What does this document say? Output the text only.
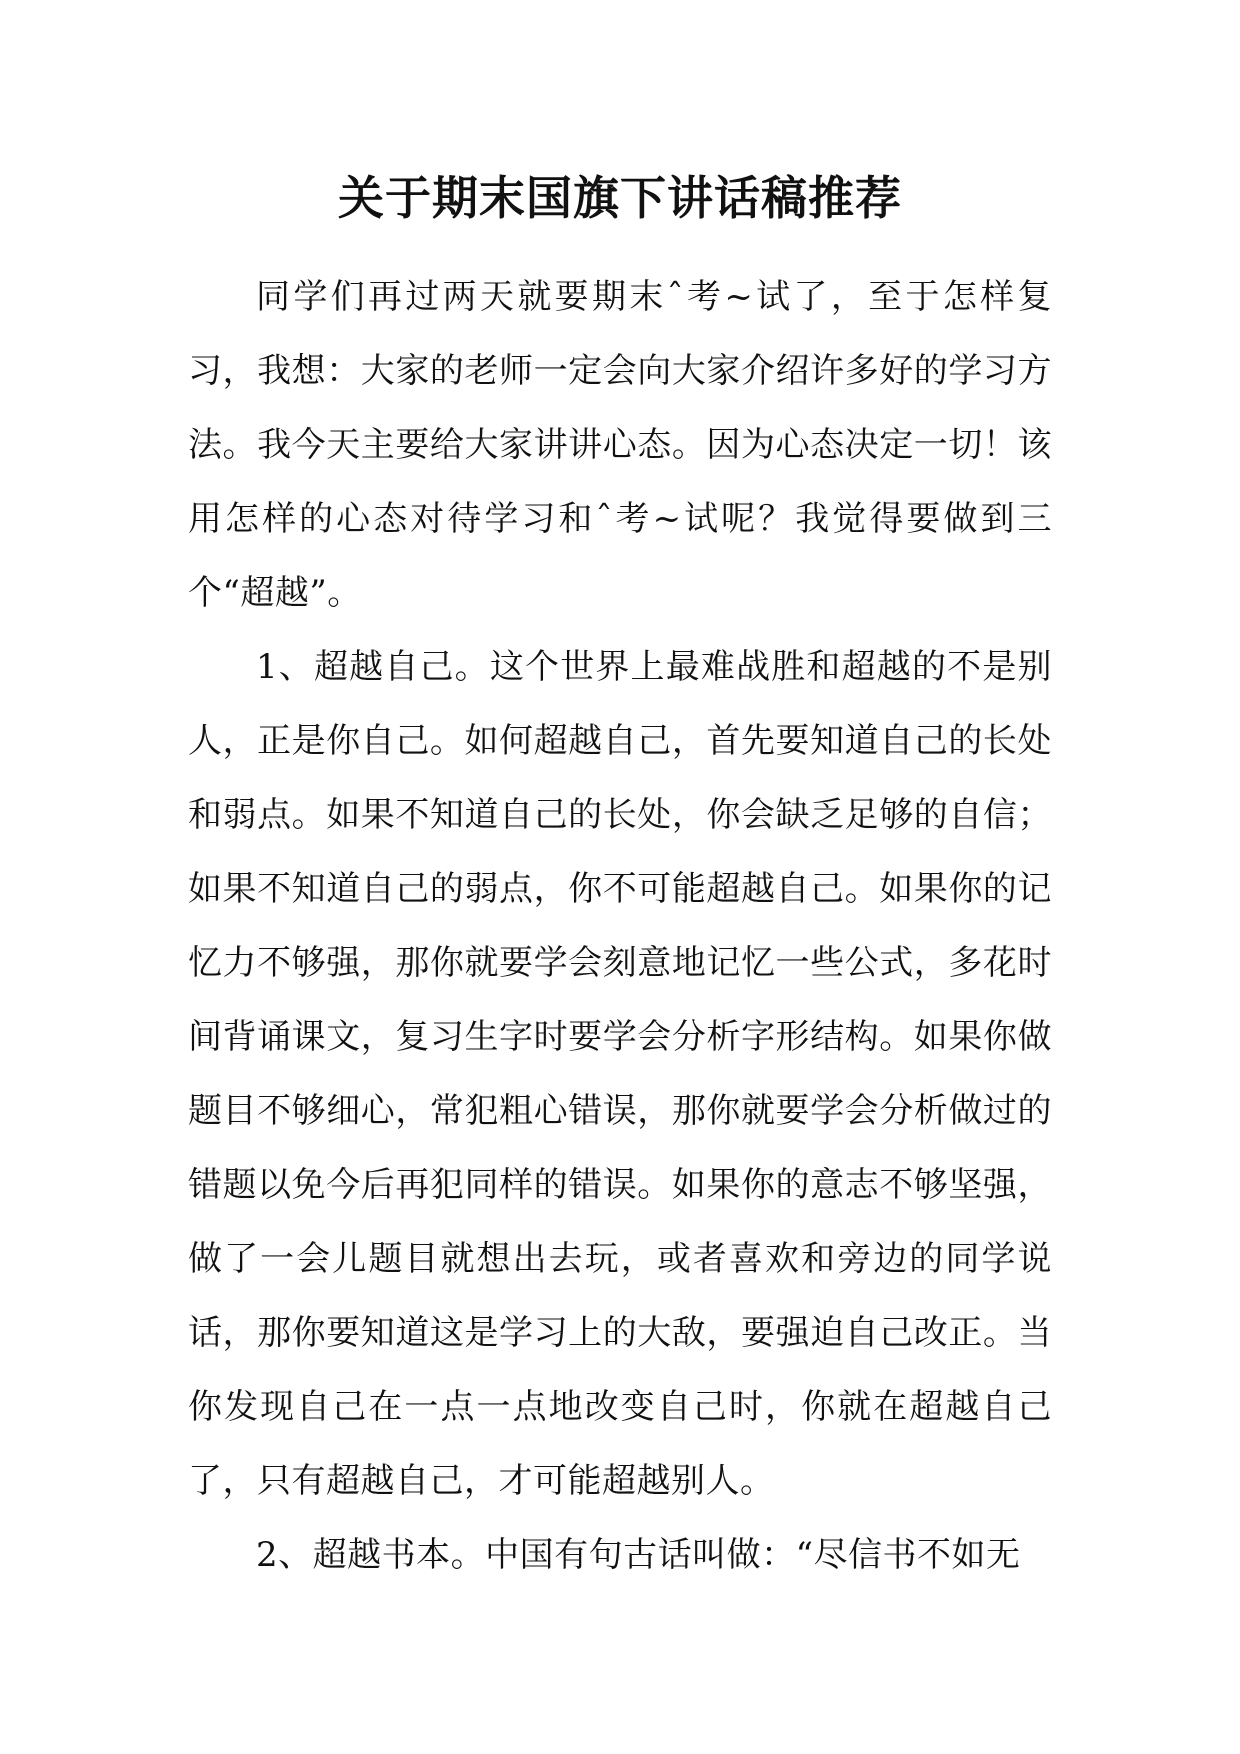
关于期末国旗下讲话稿推荐

同学们再过两天就要期末ˆ考~试了，至于怎样复习，我想：大家的老师一定会向大家介绍许多好的学习方法。我今天主要给大家讲讲心态。因为心态决定一切！该用怎样的心态对待学习和ˆ考~试呢？我觉得要做到三个“超越”。

1、超越自己。这个世界上最难战胜和超越的不是别人，正是你自己。如何超越自己，首先要知道自己的长处和弱点。如果不知道自己的长处，你会缺乏足够的自信；如果不知道自己的弱点，你不可能超越自己。如果你的记忆力不够强，那你就要学会刻意地记忆一些公式，多花时间背诵课文，复习生字时要学会分析字形结构。如果你做题目不够细心，常犯粗心错误，那你就要学会分析做过的错题以免今后再犯同样的错误。如果你的意志不够坚强，做了一会儿题目就想出去玩，或者喜欢和旁边的同学说话，那你要知道这是学习上的大敌，要强迫自己改正。当你发现自己在一点一点地改变自己时，你就在超越自己了，只有超越自己，才可能超越别人。

2、超越书本。中国有句古话叫做：“尽信书不如无
